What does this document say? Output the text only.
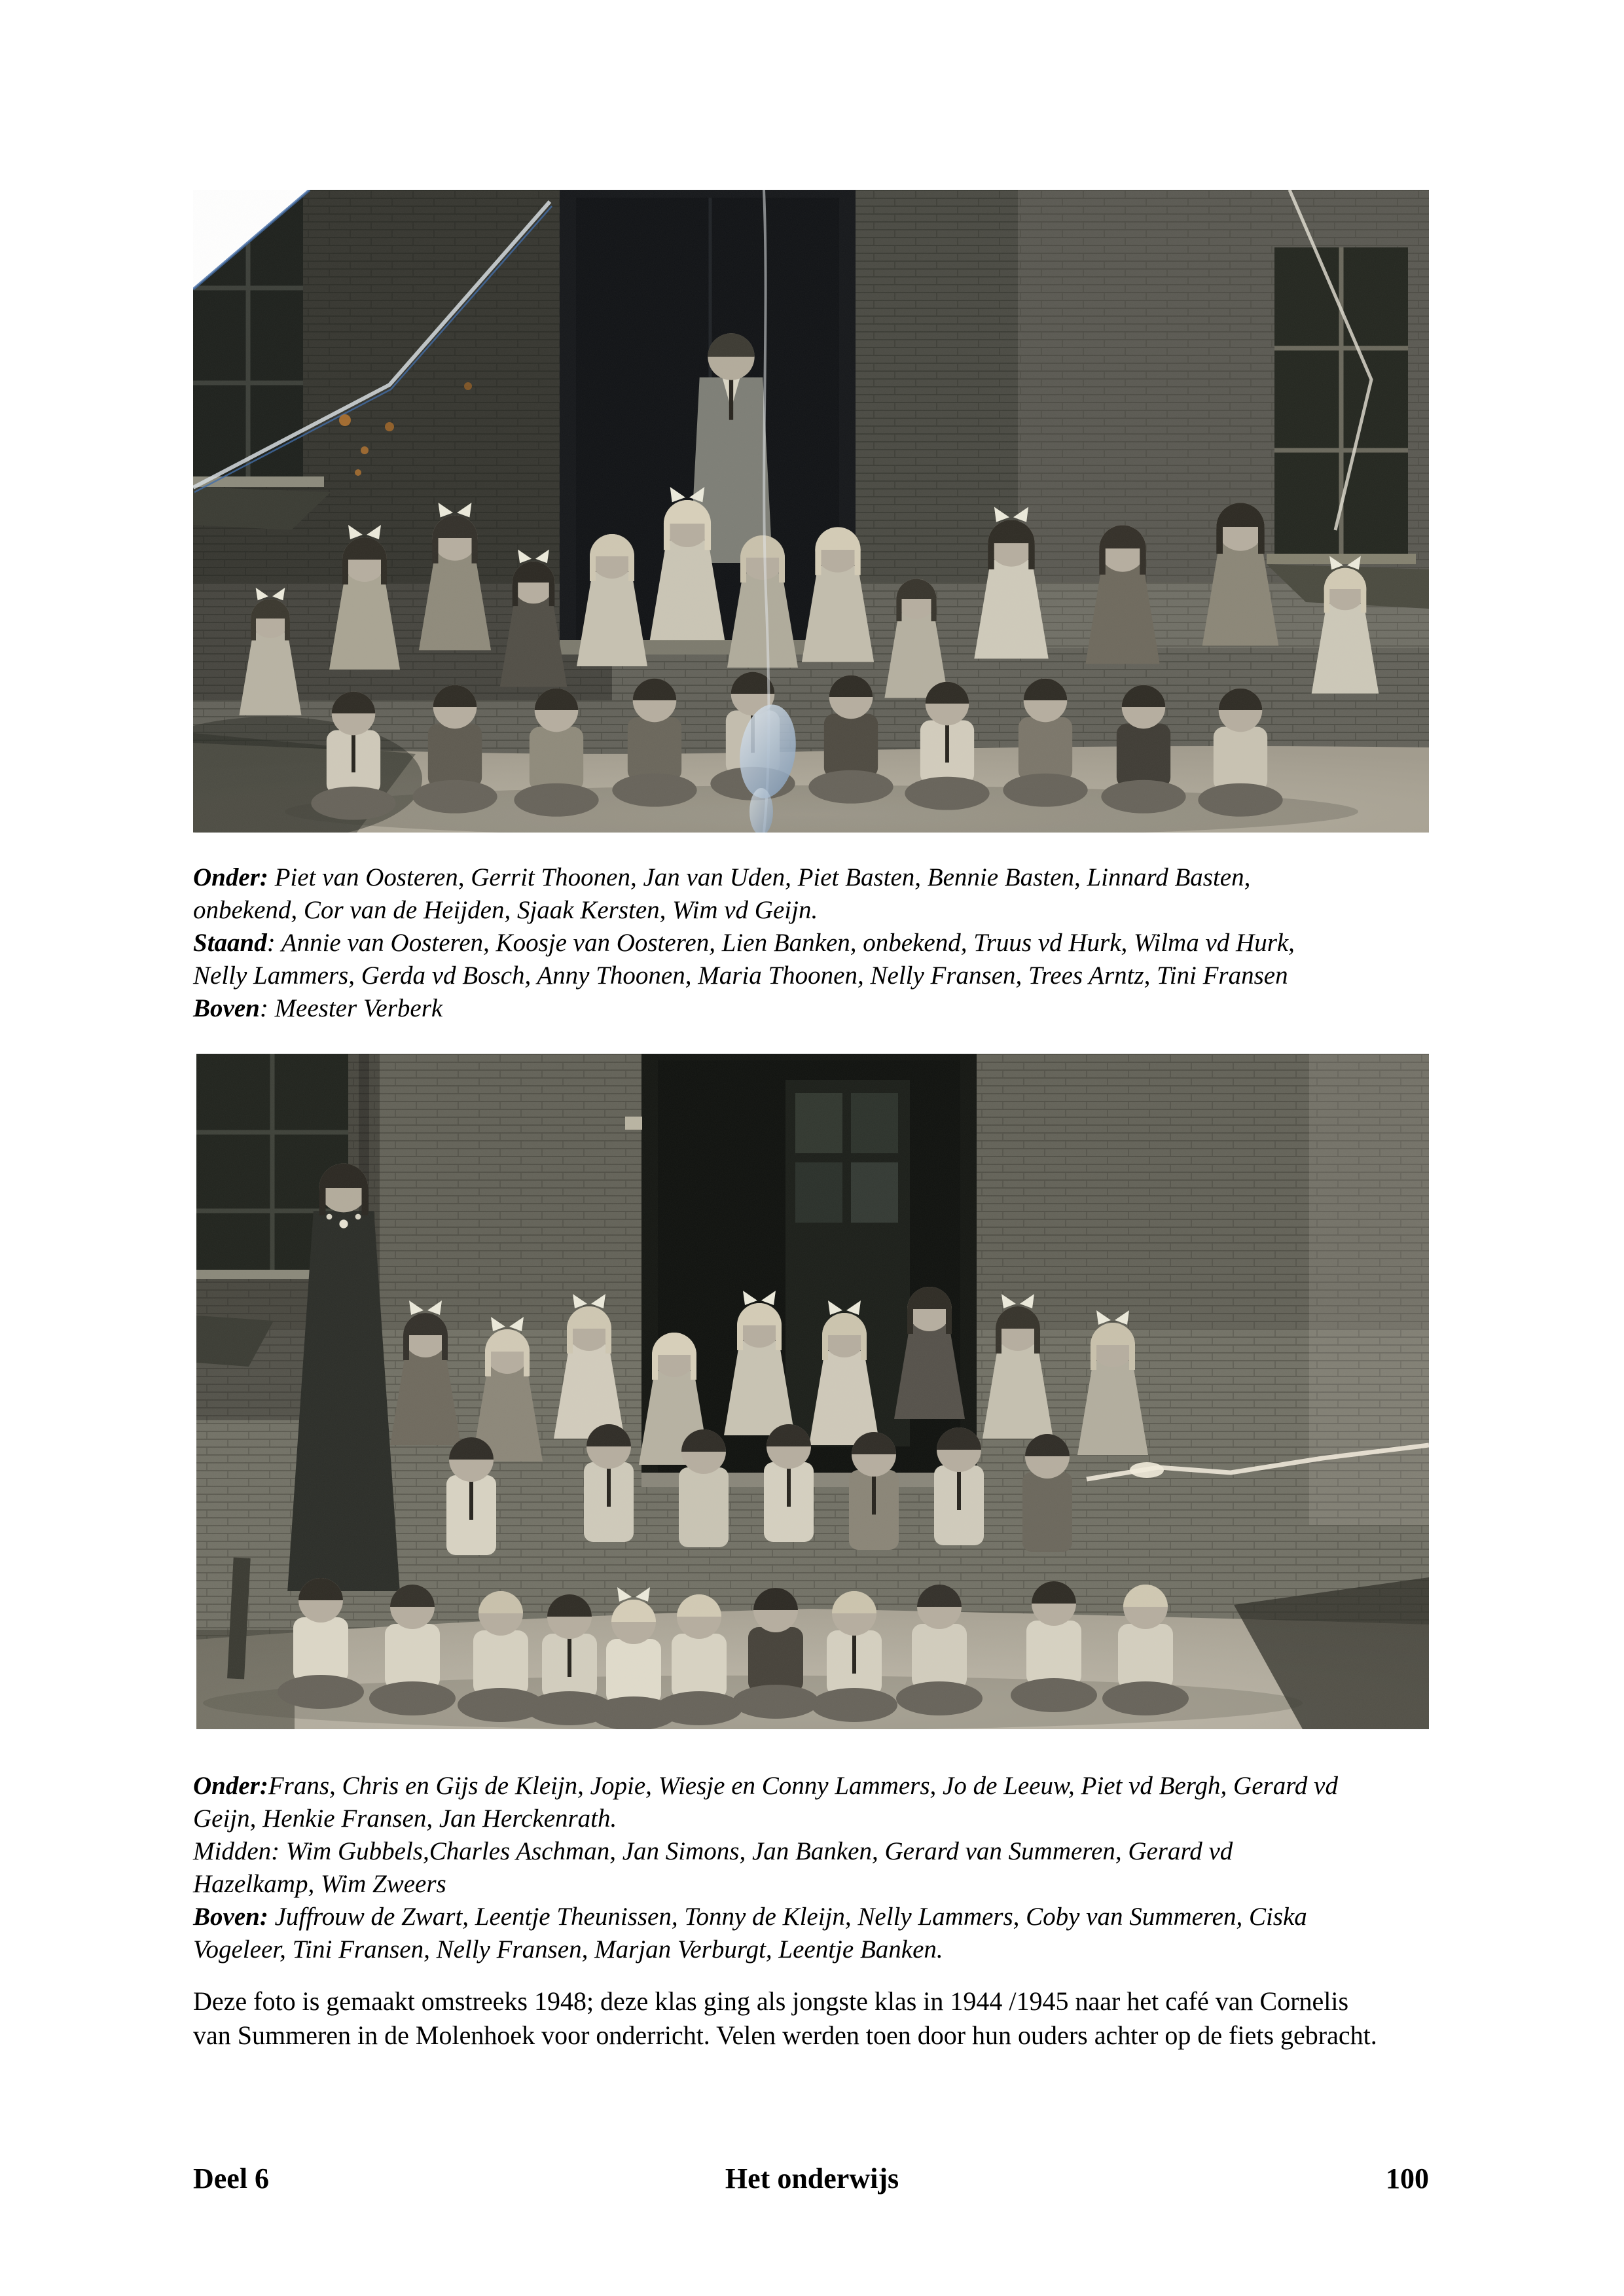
Onder: Piet van Oosteren, Gerrit Thoonen, Jan van Uden, Piet Basten, Bennie Basten, Linnard Basten,
onbekend, Cor van de Heijden, Sjaak Kersten, Wim vd Geijn.
Staand: Annie van Oosteren, Koosje van Oosteren, Lien Banken, onbekend, Truus vd Hurk, Wilma vd Hurk,
Nelly Lammers, Gerda vd Bosch, Anny Thoonen, Maria Thoonen, Nelly Fransen, Trees Arntz, Tini Fransen
Boven: Meester Verberk
Onder:Frans, Chris en Gijs de Kleijn, Jopie, Wiesje en Conny Lammers, Jo de Leeuw, Piet vd Bergh, Gerard vd
Geijn, Henkie Fransen, Jan Herckenrath.
Midden: Wim Gubbels,Charles Aschman, Jan Simons, Jan Banken, Gerard van Summeren, Gerard vd
Hazelkamp, Wim Zweers
Boven: Juffrouw de Zwart, Leentje Theunissen, Tonny de Kleijn, Nelly Lammers, Coby van Summeren, Ciska
Vogeleer, Tini Fransen, Nelly Fransen, Marjan Verburgt, Leentje Banken.
Deze foto is gemaakt omstreeks 1948; deze klas ging als jongste klas in 1944 /1945 naar het café van Cornelis
van Summeren in de Molenhoek voor onderricht. Velen werden toen door hun ouders achter op de fiets gebracht.
Het onderwijs
Deel 6	100
